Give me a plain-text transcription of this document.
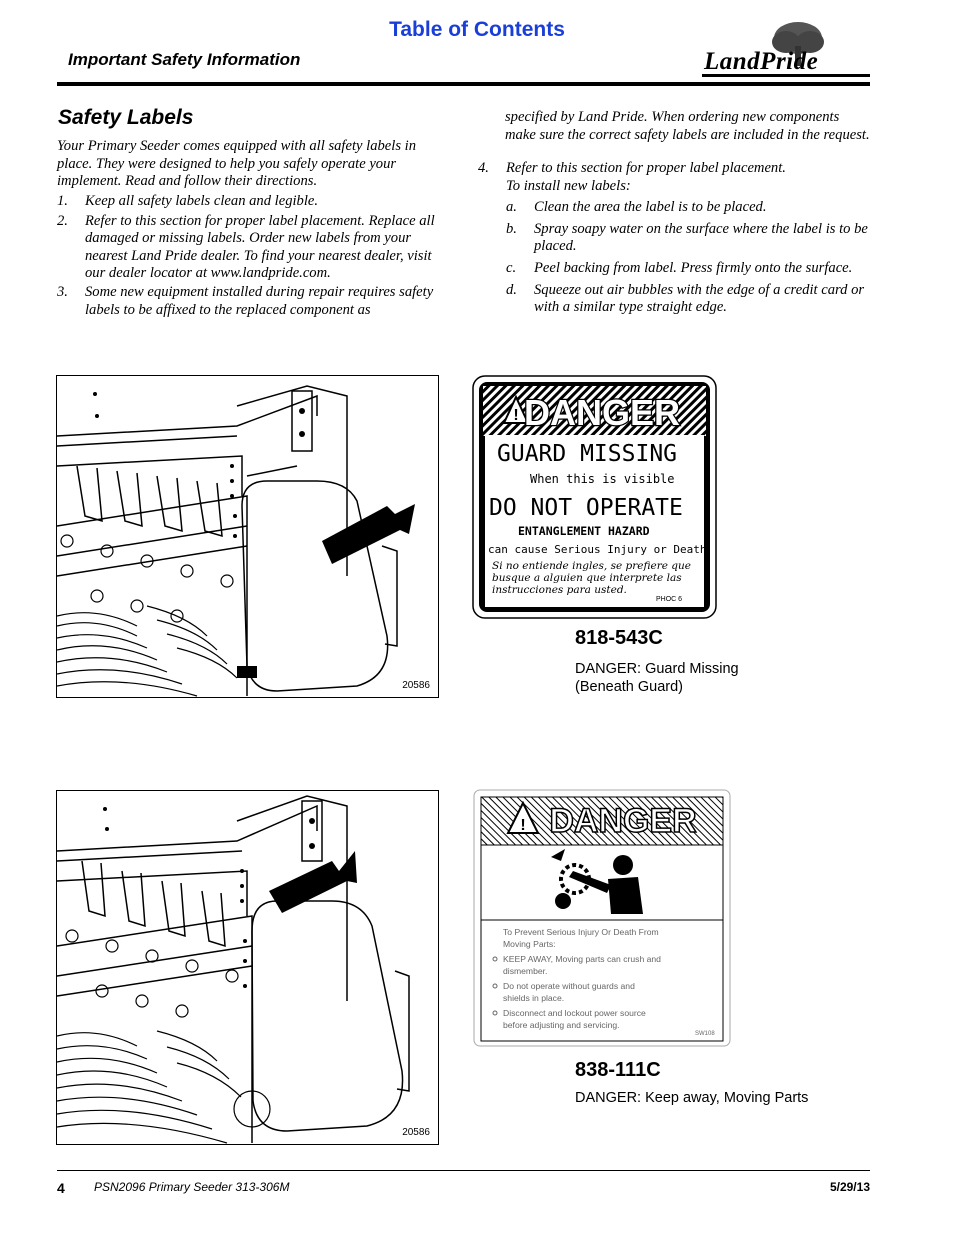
Table of Contents
Important Safety Information	LandPride
Safety Labels
Your Primary Seeder comes equipped with all safety labels in place. They were designed to help you safely operate your implement. Read and follow their directions.
1. Keep all safety labels clean and legible.
2. Refer to this section for proper label placement. Replace all damaged or missing labels. Order new labels from your nearest Land Pride dealer. To find your nearest dealer, visit our dealer locator at www.landpride.com.
3. Some new equipment installed during repair requires safety labels to be affixed to the replaced component as
specified by Land Pride. When ordering new components make sure the correct safety labels are included in the request.
4. Refer to this section for proper label placement.
To install new labels:
a. Clean the area the label is to be placed.
b. Spray soapy water on the surface where the label is to be placed.
c. Peel backing from label. Press firmly onto the surface.
d. Squeeze out air bubbles with the edge of a credit card or with a similar type straight edge.
20586
! DANGER
GUARD MISSING
When this is visible
DO NOT OPERATE
ENTANGLEMENT HAZARD
can cause Serious Injury or Death
Si no entiende ingles, se prefiere que
busque a alguien que interprete las
instrucciones para usted.
PHOC 6
818-543C
DANGER: Guard Missing
(Beneath Guard)
20586
! DANGER
To Prevent Serious Injury Or Death From
Moving Parts:
KEEP AWAY, Moving parts can crush and
dismember.
Do not operate without guards and
shields in place.
Disconnect and lockout power source
before adjusting and servicing.
SW108
838-111C
DANGER: Keep away, Moving Parts
4 PSN2096 Primary Seeder 313-306M	5/29/13
